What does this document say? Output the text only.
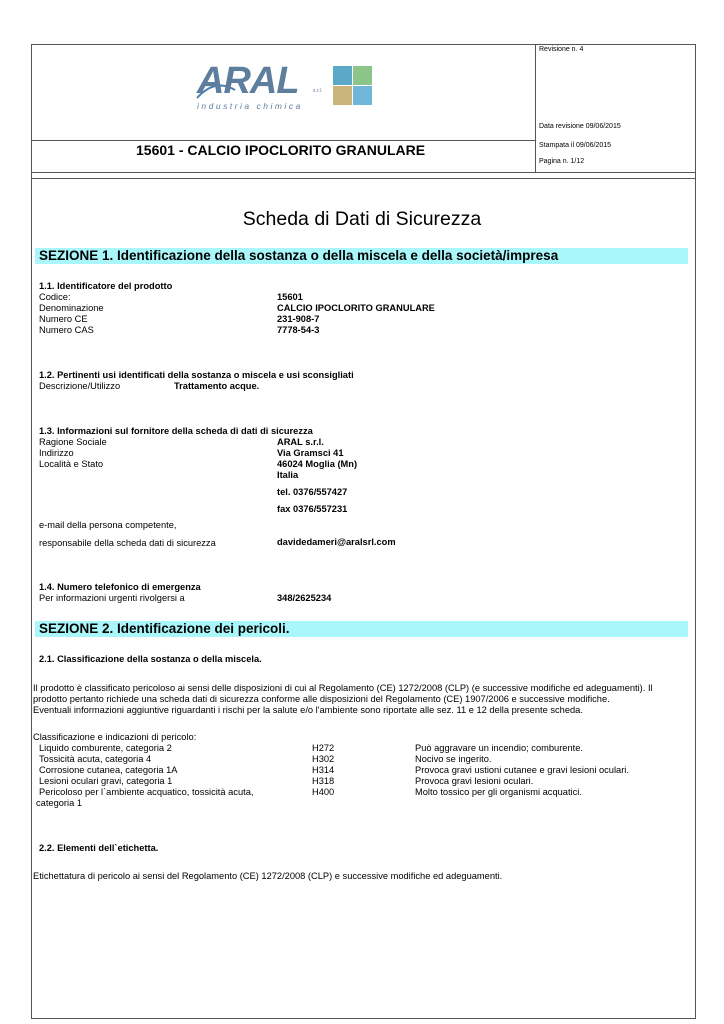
ARAL	s.r.l.
industria chimica
Revisione n. 4
Data revisione 09/06/2015
Stampata il 09/06/2015
Pagina n. 1/12
15601 - CALCIO IPOCLORITO GRANULARE
Scheda di Dati di Sicurezza
SEZIONE 1. Identificazione della sostanza o della miscela e della società/impresa
1.1. Identificatore del prodotto
Codice:	15601
Denominazione	CALCIO IPOCLORITO GRANULARE
Numero CE	231-908-7
Numero CAS	7778-54-3
1.2. Pertinenti usi identificati della sostanza o miscela e usi sconsigliati
Descrizione/Utilizzo	Trattamento acque.
1.3. Informazioni sul fornitore della scheda di dati di sicurezza
Ragione Sociale	ARAL s.r.l.
Indirizzo	Via Gramsci 41
Località e Stato	46024 Moglia (Mn)
Italia
tel. 0376/557427
fax 0376/557231
e-mail della persona competente,
responsabile della scheda dati di sicurezza	davidedameri@aralsrl.com
1.4. Numero telefonico di emergenza
Per informazioni urgenti rivolgersi a	348/2625234
SEZIONE 2. Identificazione dei pericoli.
2.1. Classificazione della sostanza o della miscela.
Il prodotto è classificato pericoloso ai sensi delle disposizioni di cui al Regolamento (CE) 1272/2008 (CLP) (e successive modifiche ed adeguamenti). Il
prodotto pertanto richiede una scheda dati di sicurezza conforme alle disposizioni del Regolamento (CE) 1907/2006 e successive modifiche.
Eventuali informazioni aggiuntive riguardanti i rischi per la salute e/o l'ambiente sono riportate alle sez. 11 e 12 della presente scheda.
Classificazione e indicazioni di pericolo:
Liquido comburente, categoria 2	H272	Può aggravare un incendio; comburente.
Tossicità acuta, categoria 4	H302	Nocivo se ingerito.
Corrosione cutanea, categoria 1A	H314	Provoca gravi ustioni cutanee e gravi lesioni oculari.
Lesioni oculari gravi, categoria 1	H318	Provoca gravi lesioni oculari.
Pericoloso per l`ambiente acquatico, tossicità acuta,	H400	Molto tossico per gli organismi acquatici.
categoria 1
2.2. Elementi dell`etichetta.
Etichettatura di pericolo ai sensi del Regolamento (CE) 1272/2008 (CLP) e successive modifiche ed adeguamenti.
